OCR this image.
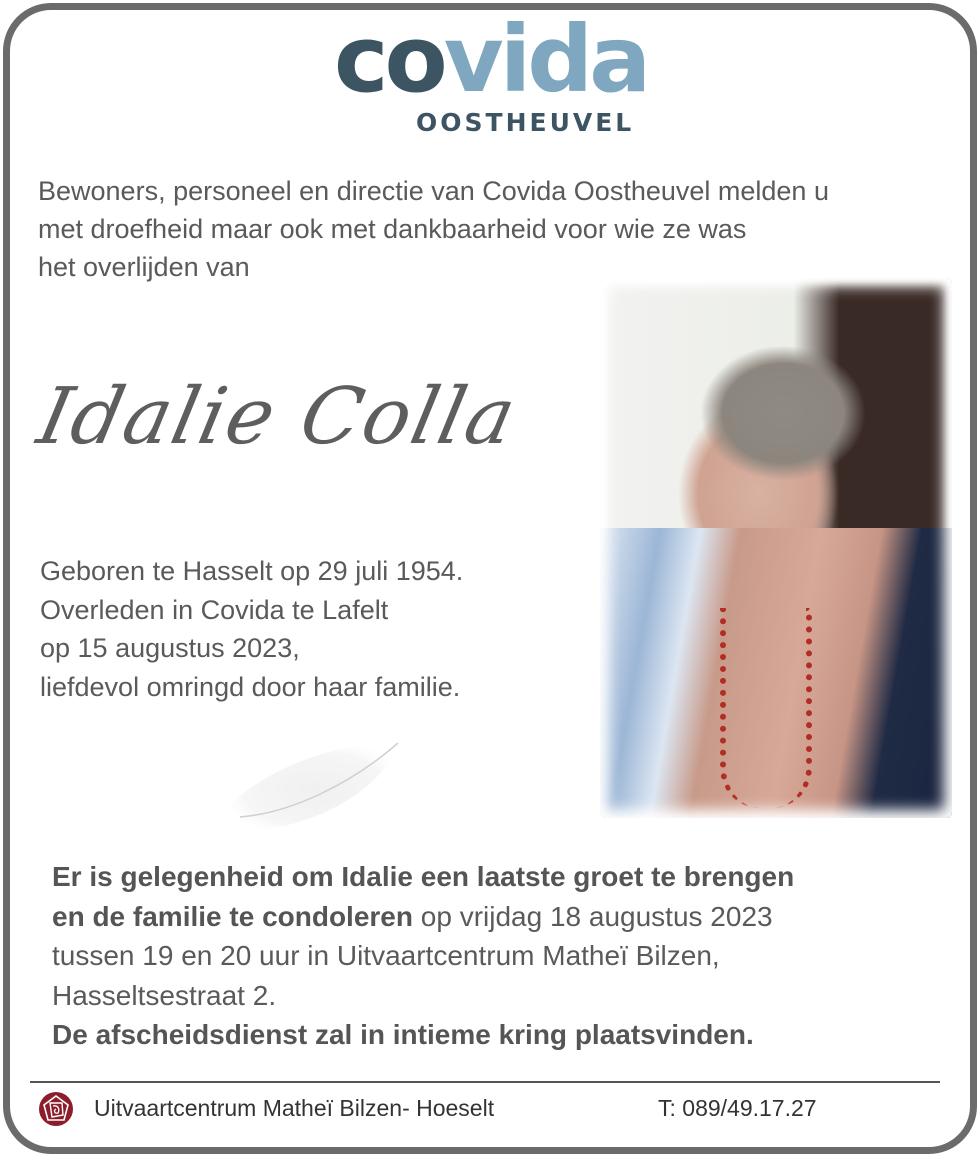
covida
OOSTHEUVEL
Bewoners, personeel en directie van Covida Oostheuvel melden u
met droefheid maar ook met dankbaarheid voor wie ze was
het overlijden van
Idalie Colla
Geboren te Hasselt op 29 juli 1954.
Overleden in Covida te Lafelt
op 15 augustus 2023,
liefdevol omringd door haar familie.
Er is gelegenheid om Idalie een laatste groet te brengen
en de familie te condoleren op vrijdag 18 augustus 2023
tussen 19 en 20 uur in Uitvaartcentrum Matheï Bilzen,
Hasseltsestraat 2.
De afscheidsdienst zal in intieme kring plaatsvinden.
Uitvaartcentrum Matheï Bilzen- Hoeselt	T: 089/49.17.27
